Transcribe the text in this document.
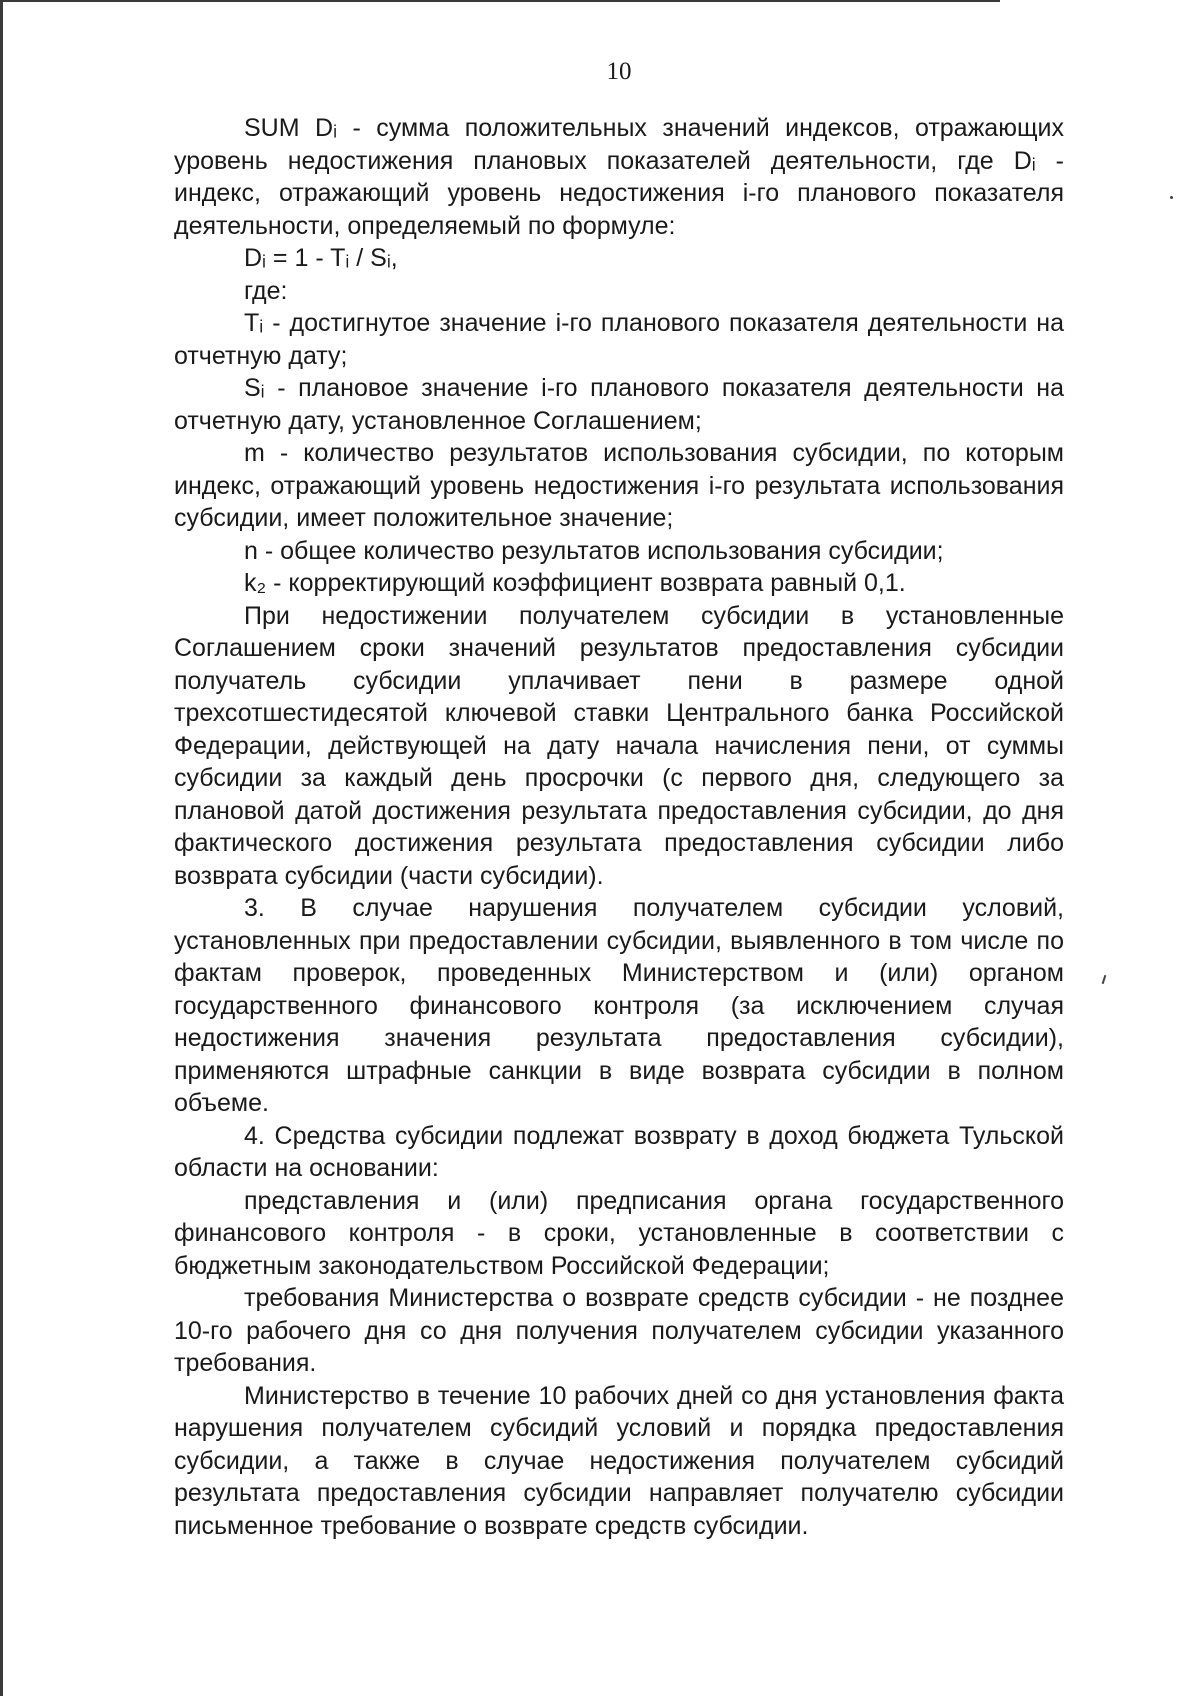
10

SUM Dᵢ - сумма положительных значений индексов, отражающих уровень недостижения плановых показателей деятельности, где Dᵢ - индекс, отражающий уровень недостижения i-го планового показателя деятельности, определяемый по формуле:

Dᵢ = 1 - Tᵢ / Sᵢ,

где:

Tᵢ - достигнутое значение i-го планового показателя деятельности на отчетную дату;

Sᵢ - плановое значение i-го планового показателя деятельности на отчетную дату, установленное Соглашением;

m - количество результатов использования субсидии, по которым индекс, отражающий уровень недостижения i-го результата использования субсидии, имеет положительное значение;

n - общее количество результатов использования субсидии;

k₂ - корректирующий коэффициент возврата равный 0,1.

При недостижении получателем субсидии в установленные Соглашением сроки значений результатов предоставления субсидии получатель субсидии уплачивает пени в размере одной трехсотшестидесятой ключевой ставки Центрального банка Российской Федерации, действующей на дату начала начисления пени, от суммы субсидии за каждый день просрочки (с первого дня, следующего за плановой датой достижения результата предоставления субсидии, до дня фактического достижения результата предоставления субсидии либо возврата субсидии (части субсидии).

3. В случае нарушения получателем субсидии условий, установленных при предоставлении субсидии, выявленного в том числе по фактам проверок, проведенных Министерством и (или) органом государственного финансового контроля (за исключением случая недостижения значения результата предоставления субсидии), применяются штрафные санкции в виде возврата субсидии в полном объеме.

4. Средства субсидии подлежат возврату в доход бюджета Тульской области на основании:

представления и (или) предписания органа государственного финансового контроля - в сроки, установленные в соответствии с бюджетным законодательством Российской Федерации;

требования Министерства о возврате средств субсидии - не позднее 10-го рабочего дня со дня получения получателем субсидии указанного требования.

Министерство в течение 10 рабочих дней со дня установления факта нарушения получателем субсидий условий и порядка предоставления субсидии, а также в случае недостижения получателем субсидий результата предоставления субсидии направляет получателю субсидии письменное требование о возврате средств субсидии.
